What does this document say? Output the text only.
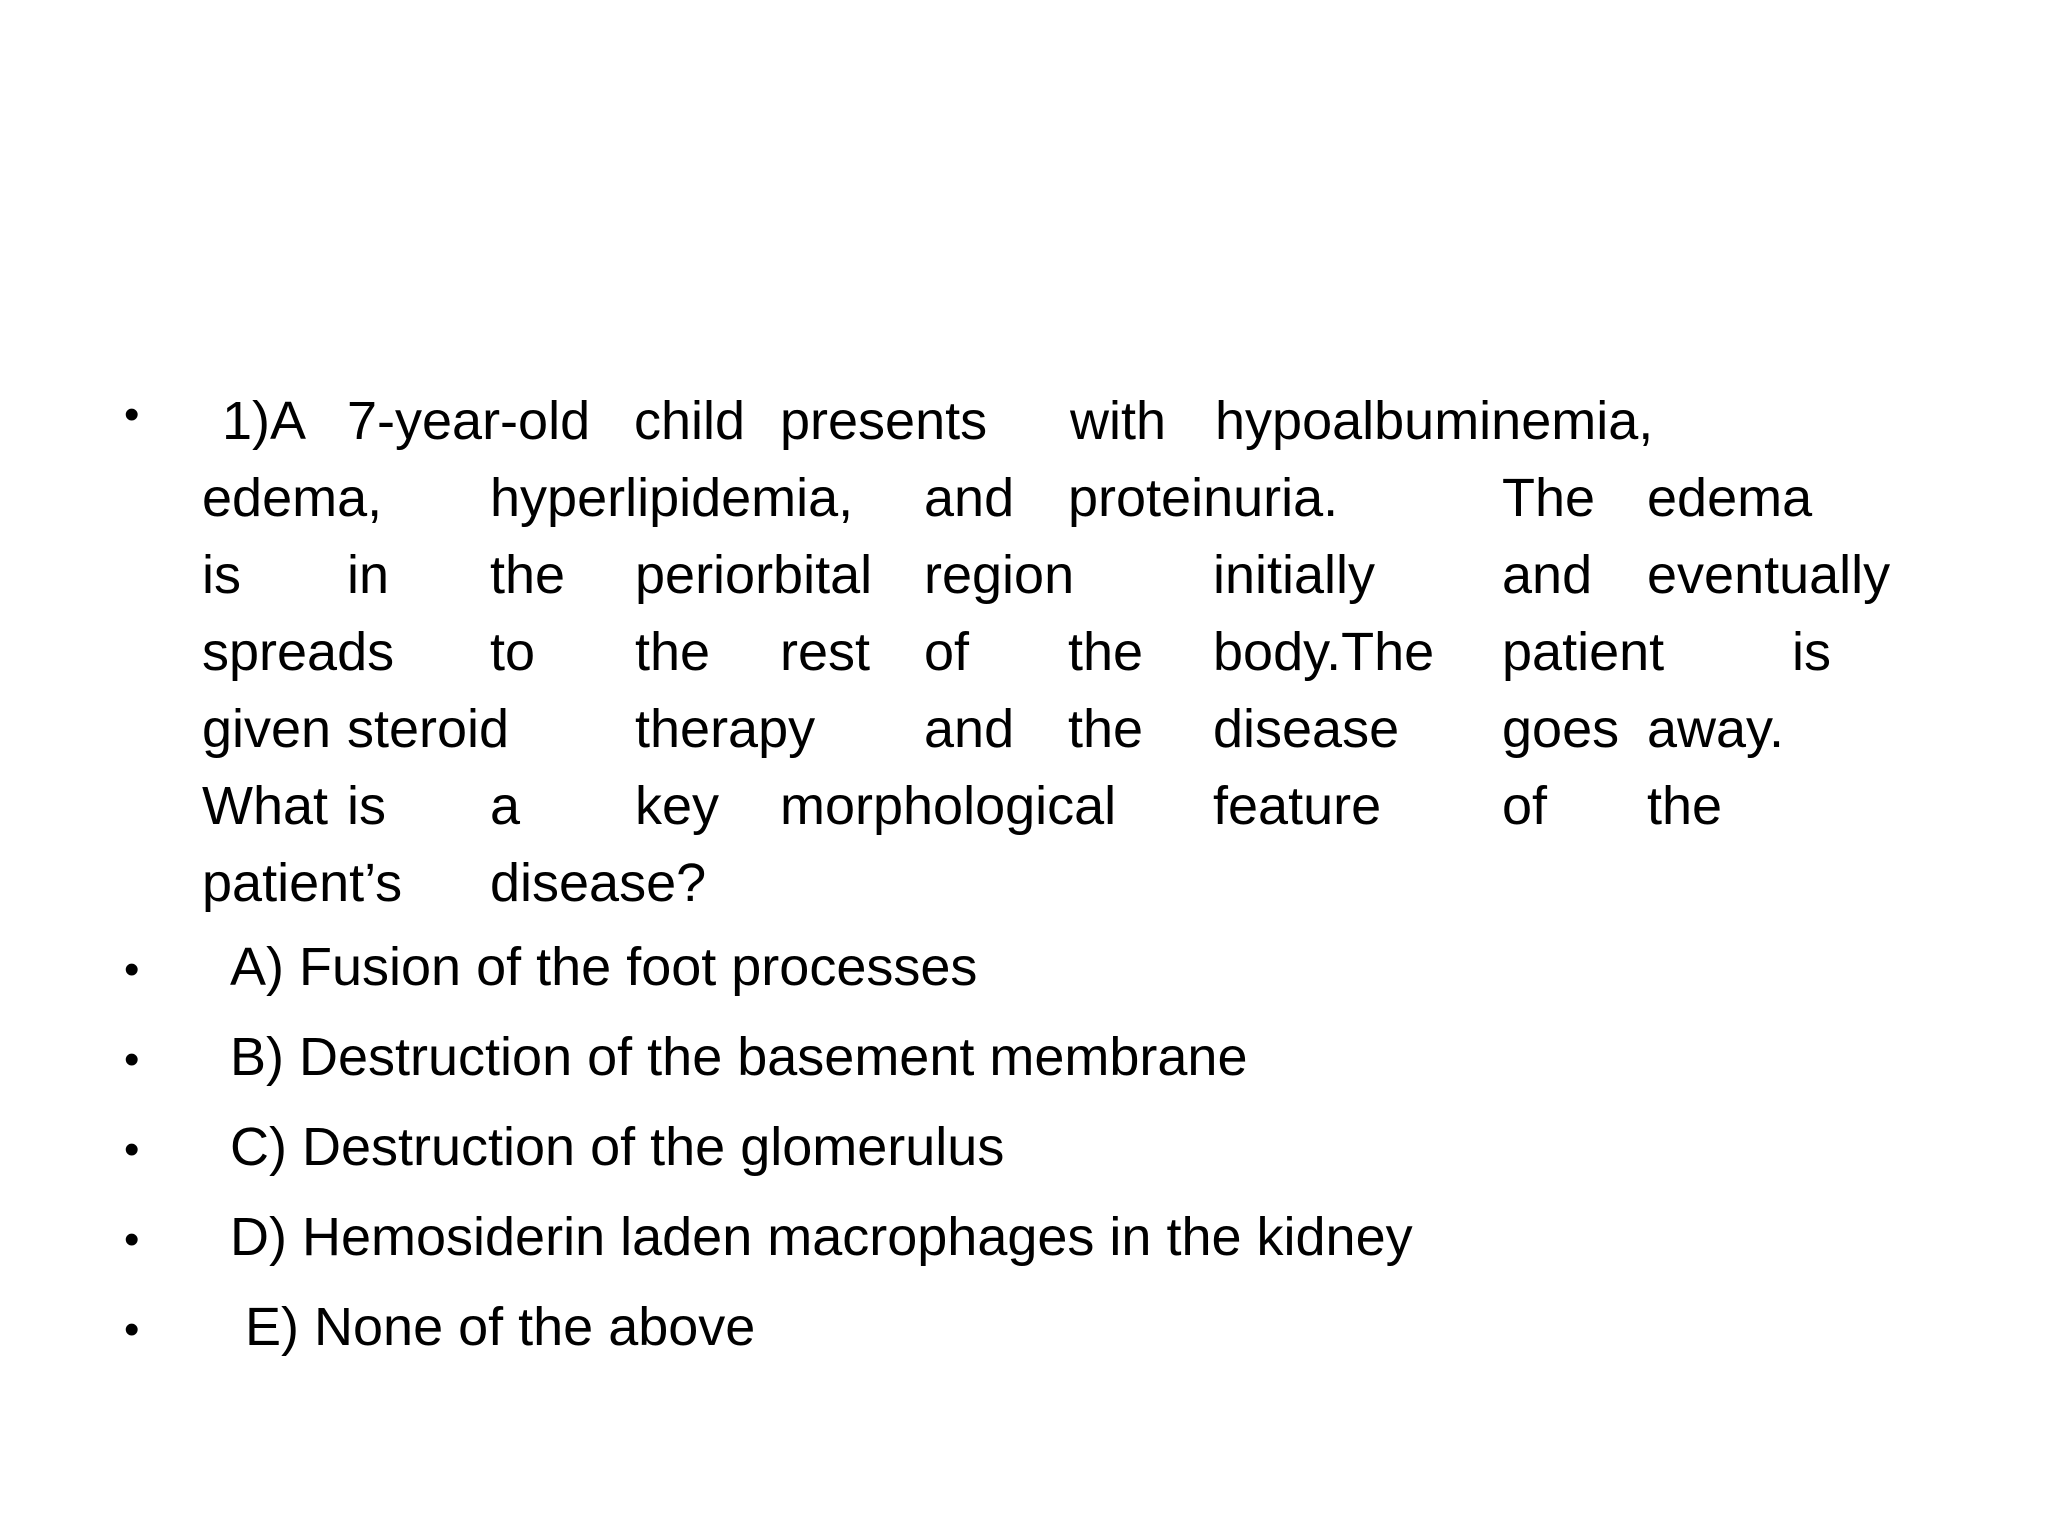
•
•
•
•
•
•
1)A 7-year-old child presents with hypoalbuminemia,
edema, hyperlipidemia, and proteinuria.	The edema
is in the periorbital region	initially and eventually
spreads to the rest of the body.The patient is
given steroid therapy and the disease goes away.
What is a key morphological feature of the
patient’s disease?
A) Fusion of the foot processes
B) Destruction of the basement membrane
C) Destruction of the glomerulus
D) Hemosiderin laden macrophages in the kidney
E) None of the above
